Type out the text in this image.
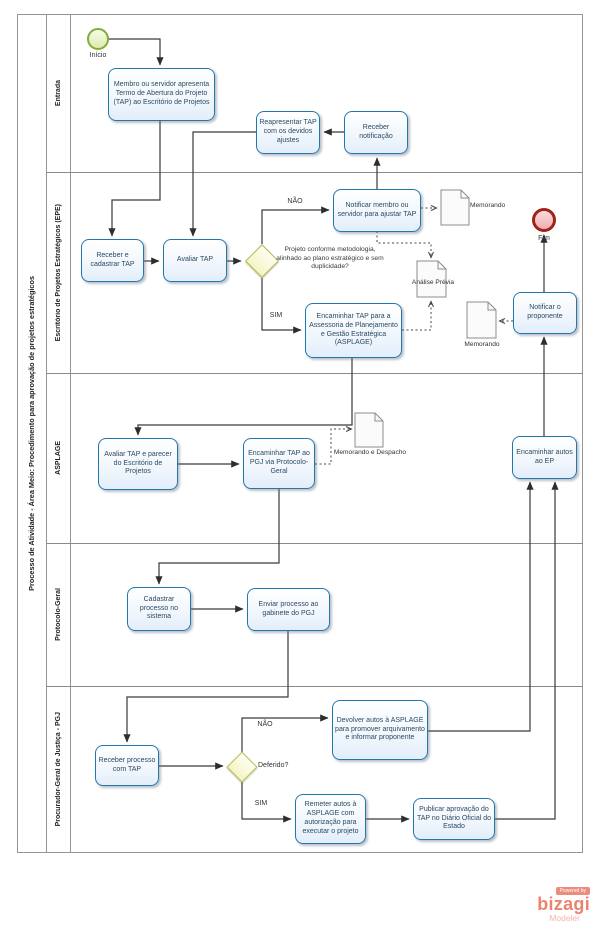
Processo de Atividade - Área Meio: Procedimento para aprovação de projetos estratégicos
Entrada
Escritório de Projetos Estratégicos (EPE)
ASPLAGE
Protocolo-Geral
Procurador-Geral de Justiça - PGJ
Início
Fim
Membro ou servidor apresenta Termo de Abertura do Projeto (TAP) ao Escritório de Projetos
Reapresentar TAP com os devidos ajustes
Receber notificação
Receber e cadastrar TAP
Avaliar TAP
Notificar membro ou servidor para ajustar TAP
Encaminhar TAP para a Assessoria de Planejamento e Gestão Estratégica (ASPLAGE)
Notificar o proponente
Avaliar TAP e parecer do Escritório de Projetos
Encaminhar TAP ao PGJ via Protocolo-Geral
Encaminhar autos ao EP
Cadastrar processo no sistema
Enviar processo ao gabinete do PGJ
Receber processo com TAP
Devolver autos à ASPLAGE para promover arquivamento e informar proponente
Remeter autos à ASPLAGE com autorização para executar o projeto
Publicar aprovação do TAP no Diário Oficial do Estado
Projeto conforme metodologia, alinhado ao plano estratégico e sem duplicidade?
Deferido?
NÃO
SIM
NÃO
SIM
Memorando
Análise Prévia
Memorando
Memorando e Despacho
Powered by
bizagi
Modeler
